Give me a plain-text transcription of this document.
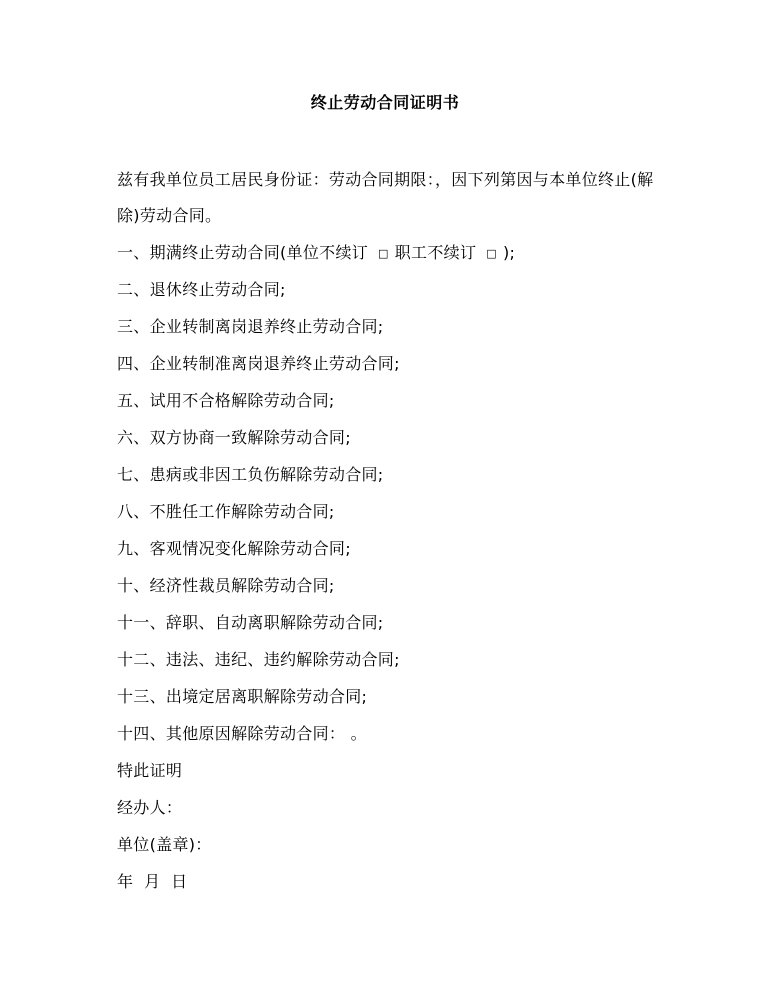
终止劳动合同证明书

兹有我单位员工居民身份证：劳动合同期限：，因下列第因与本单位终止(解除)劳动合同。

一、期满终止劳动合同(单位不续订 □ 职工不续订 □ );

二、退休终止劳动合同;

三、企业转制离岗退养终止劳动合同;

四、企业转制准离岗退养终止劳动合同;

五、试用不合格解除劳动合同;

六、双方协商一致解除劳动合同;

七、患病或非因工负伤解除劳动合同;

八、不胜任工作解除劳动合同;

九、客观情况变化解除劳动合同;

十、经济性裁员解除劳动合同;

十一、辞职、自动离职解除劳动合同;

十二、违法、违纪、违约解除劳动合同;

十三、出境定居离职解除劳动合同;

十四、其他原因解除劳动合同： 。

特此证明

经办人：

单位(盖章)：

年  月  日
